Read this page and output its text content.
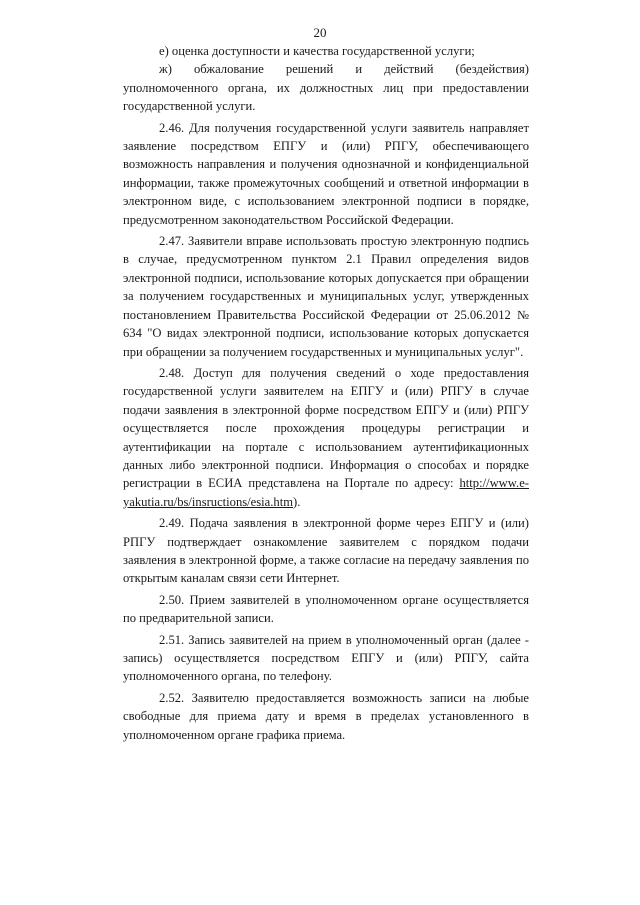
20

е) оценка доступности и качества государственной услуги;

ж) обжалование решений и действий (бездействия) уполномоченного органа, их должностных лиц при предоставлении государственной услуги.

2.46. Для получения государственной услуги заявитель направляет заявление посредством ЕПГУ и (или) РПГУ, обеспечивающего возможность направления и получения однозначной и конфиденциальной информации, также промежуточных сообщений и ответной информации в электронном виде, с использованием электронной подписи в порядке, предусмотренном законодательством Российской Федерации.

2.47. Заявители вправе использовать простую электронную подпись в случае, предусмотренном пунктом 2.1 Правил определения видов электронной подписи, использование которых допускается при обращении за получением государственных и муниципальных услуг, утвержденных постановлением Правительства Российской Федерации от 25.06.2012 № 634 "О видах электронной подписи, использование которых допускается при обращении за получением государственных и муниципальных услуг".

2.48. Доступ для получения сведений о ходе предоставления государственной услуги заявителем на ЕПГУ и (или) РПГУ в случае подачи заявления в электронной форме посредством ЕПГУ и (или) РПГУ осуществляется после прохождения процедуры регистрации и аутентификации на портале с использованием аутентификационных данных либо электронной подписи. Информация о способах и порядке регистрации в ЕСИА представлена на Портале по адресу: http://www.e-yakutia.ru/bs/insructions/esia.htm).

2.49. Подача заявления в электронной форме через ЕПГУ и (или) РПГУ подтверждает ознакомление заявителем с порядком подачи заявления в электронной форме, а также согласие на передачу заявления по открытым каналам связи сети Интернет.

2.50. Прием заявителей в уполномоченном органе осуществляется по предварительной записи.

2.51. Запись заявителей на прием в уполномоченный орган (далее - запись) осуществляется посредством ЕПГУ и (или) РПГУ, сайта уполномоченного органа, по телефону.

2.52. Заявителю предоставляется возможность записи на любые свободные для приема дату и время в пределах установленного в уполномоченном органе графика приема.
